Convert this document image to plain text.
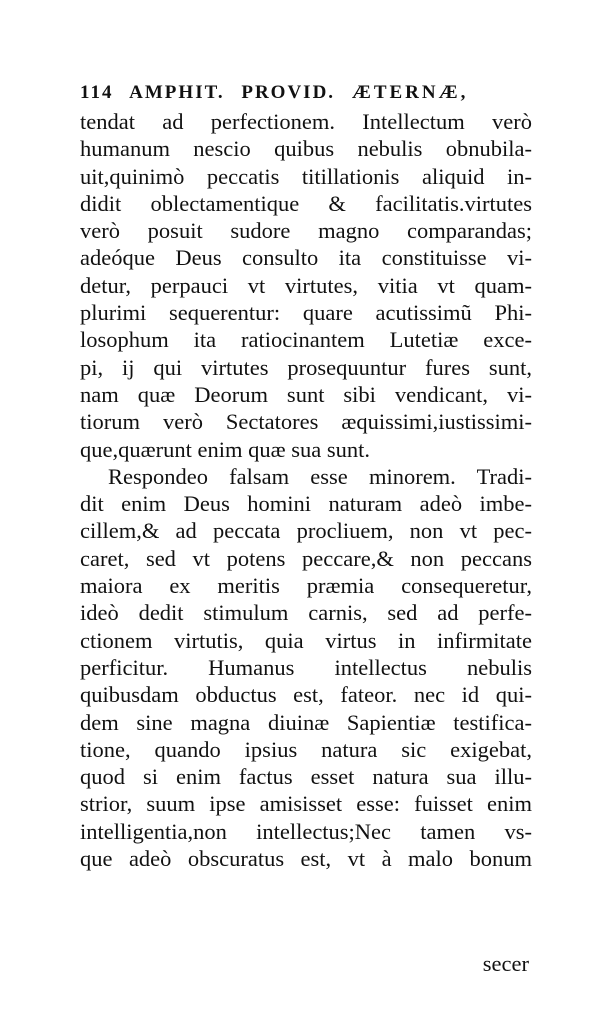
114 AMPHIT. PROVID. ÆTERNÆ,
tendat ad perfectionem. Intellectum verò
humanum nescio quibus nebulis obnubila-
uit,quinimò peccatis titillationis aliquid in-
didit oblectamentique & facilitatis.virtutes
verò posuit sudore magno comparandas;
adeóque Deus consulto ita constituisse vi-
detur, perpauci vt virtutes, vitia vt quam-
plurimi sequerentur: quare acutissimũ Phi-
losophum ita ratiocinantem Lutetiæ exce-
pi, ij qui virtutes prosequuntur fures sunt,
nam quæ Deorum sunt sibi vendicant, vi-
tiorum verò Sectatores æquissimi,iustissimi-
que,quærunt enim quæ sua sunt.
Respondeo falsam esse minorem. Tradi-
dit enim Deus homini naturam adeò imbe-
cillem,& ad peccata procliuem, non vt pec-
caret, sed vt potens peccare,& non peccans
maiora ex meritis præmia consequeretur,
ideò dedit stimulum carnis, sed ad perfe-
ctionem virtutis, quia virtus in infirmitate
perficitur. Humanus intellectus nebulis
quibusdam obductus est, fateor. nec id qui-
dem sine magna diuinæ Sapientiæ testifica-
tione, quando ipsius natura sic exigebat,
quod si enim factus esset natura sua illu-
strior, suum ipse amisisset esse: fuisset enim
intelligentia,non intellectus;Nec tamen vs-
que adeò obscuratus est, vt à malo bonum
secer
